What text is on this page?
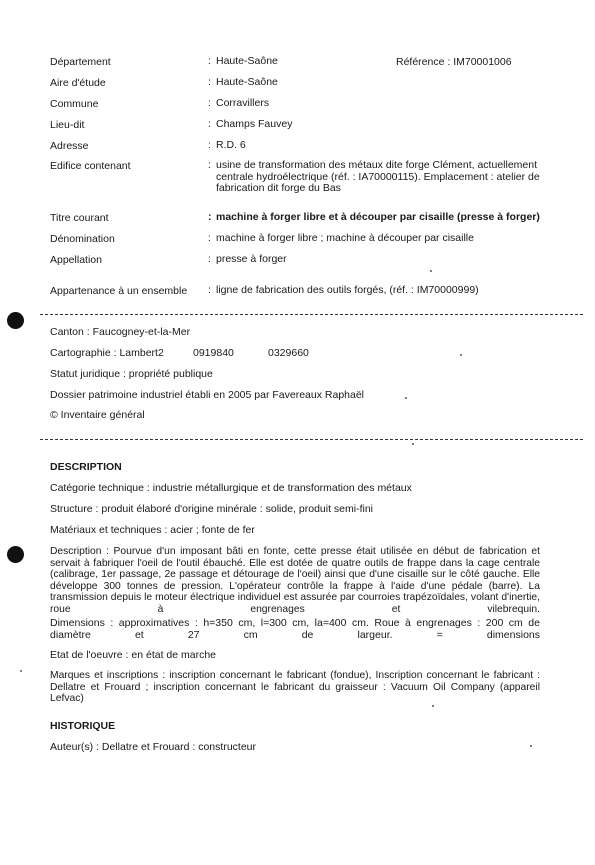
Référence : IM70001006
Département	: Haute-Saône
Aire d'étude	: Haute-Saône
Commune	: Corravillers
Lieu-dit	: Champs Fauvey
Adresse	: R.D. 6
Edifice contenant	: usine de transformation des métaux dite forge Clément, actuellement centrale hydroélectrique (réf. : IA70000115). Emplacement : atelier de fabrication dit forge du Bas
Titre courant	: machine à forger libre et à découper par cisaille (presse à forger)
Dénomination	: machine à forger libre ; machine à découper par cisaille
Appellation	: presse à forger
Appartenance à un ensemble : ligne de fabrication des outils forgés, (réf. : IM70000999)
Canton : Faucogney-et-la-Mer
Cartographie : Lambert2	0919840	0329660
Statut juridique : propriété publique
Dossier patrimoine industriel établi en 2005 par Favereaux Raphaël
© Inventaire général
DESCRIPTION
Catégorie technique : industrie métallurgique et de transformation des métaux
Structure : produit élaboré d'origine minérale : solide, produit semi-fini
Matériaux et techniques : acier ; fonte de fer
Description : Pourvue d'un imposant bâti en fonte, cette presse était utilisée en début de fabrication et servait à fabriquer l'oeil de l'outil ébauché. Elle est dotée de quatre outils de frappe dans la cage centrale (calibrage, 1er passage, 2e passage et détourage de l'oeil) ainsi que d'une cisaille sur le côté gauche. Elle développe 300 tonnes de pression. L'opérateur contrôle la frappe à l'aide d'une pédale (barre). La transmission depuis le moteur électrique individuel est assurée par courroies trapézoïdales, volant d'inertie, roue à engrenages et vilebrequin.
Dimensions : approximatives : h=350 cm, l=300 cm, la=400 cm. Roue à engrenages : 200 cm de diamètre et 27 cm de largeur. = dimensions
Etat de l'oeuvre : en état de marche
Marques et inscriptions : inscription concernant le fabricant (fondue), Inscription concernant le fabricant : Dellatre et Frouard ; inscription concernant le fabricant du graisseur : Vacuum Oil Company (appareil Lefvac)
HISTORIQUE
Auteur(s) : Dellatre et Frouard : constructeur
